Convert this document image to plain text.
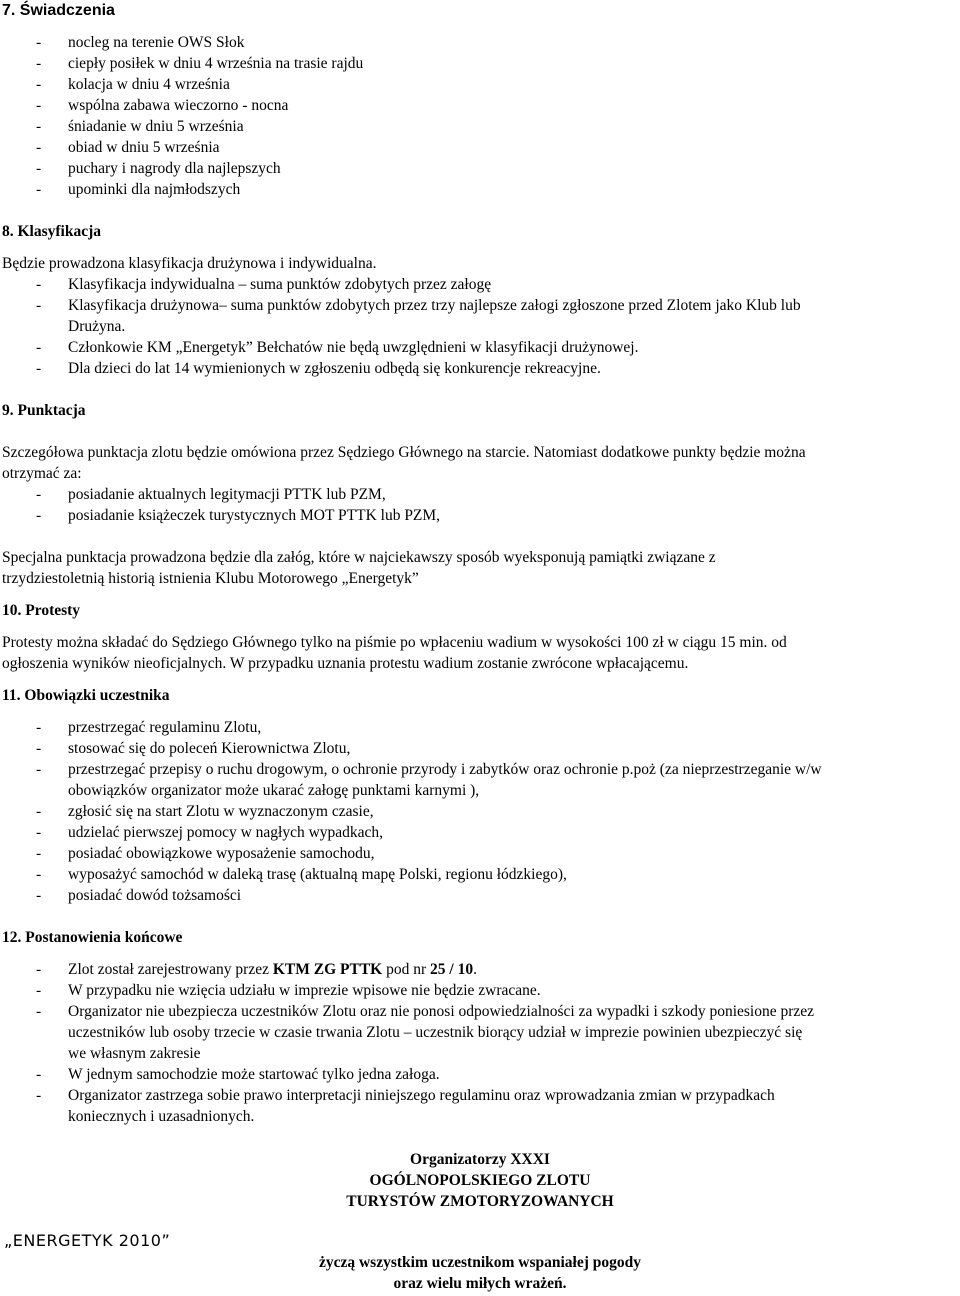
7. Świadczenia
- nocleg na terenie OWS Słok
- ciepły posiłek w dniu 4 września na trasie rajdu
- kolacja w dniu 4 września
- wspólna zabawa wieczorno - nocna
- śniadanie w dniu 5 września
- obiad w dniu 5 września
- puchary i nagrody dla najlepszych
- upominki dla najmłodszych
8. Klasyfikacja
Będzie prowadzona klasyfikacja drużynowa i indywidualna.
- Klasyfikacja indywidualna – suma punktów zdobytych przez załogę
- Klasyfikacja drużynowa– suma punktów zdobytych przez trzy najlepsze załogi zgłoszone przed Zlotem jako Klub lub
Drużyna.
- Członkowie KM „Energetyk” Bełchatów nie będą uwzględnieni w klasyfikacji drużynowej.
- Dla dzieci do lat 14 wymienionych w zgłoszeniu odbędą się konkurencje rekreacyjne.
9. Punktacja
Szczegółowa punktacja zlotu będzie omówiona przez Sędziego Głównego na starcie. Natomiast dodatkowe punkty będzie można
otrzymać za:
- posiadanie aktualnych legitymacji PTTK lub PZM,
- posiadanie książeczek turystycznych MOT PTTK lub PZM,
Specjalna punktacja prowadzona będzie dla załóg, które w najciekawszy sposób wyeksponują pamiątki związane z
trzydziestoletnią historią istnienia Klubu Motorowego „Energetyk”
10. Protesty
Protesty można składać do Sędziego Głównego tylko na piśmie po wpłaceniu wadium w wysokości 100 zł w ciągu 15 min. od
ogłoszenia wyników nieoficjalnych. W przypadku uznania protestu wadium zostanie zwrócone wpłacającemu.
11. Obowiązki uczestnika
- przestrzegać regulaminu Zlotu,
- stosować się do poleceń Kierownictwa Zlotu,
- przestrzegać przepisy o ruchu drogowym, o ochronie przyrody i zabytków oraz ochronie p.poż (za nieprzestrzeganie w/w
obowiązków organizator może ukarać załogę punktami karnymi ),
- zgłosić się na start Zlotu w wyznaczonym czasie,
- udzielać pierwszej pomocy w nagłych wypadkach,
- posiadać obowiązkowe wyposażenie samochodu,
- wyposażyć samochód w daleką trasę (aktualną mapę Polski, regionu łódzkiego),
- posiadać dowód tożsamości
12. Postanowienia końcowe
- Zlot został zarejestrowany przez KTM ZG PTTK pod nr 25 / 10.
- W przypadku nie wzięcia udziału w imprezie wpisowe nie będzie zwracane.
- Organizator nie ubezpiecza uczestników Zlotu oraz nie ponosi odpowiedzialności za wypadki i szkody poniesione przez
uczestników lub osoby trzecie w czasie trwania Zlotu – uczestnik biorący udział w imprezie powinien ubezpieczyć się
we własnym zakresie
- W jednym samochodzie może startować tylko jedna załoga.
- Organizator zastrzega sobie prawo interpretacji niniejszego regulaminu oraz wprowadzania zmian w przypadkach
koniecznych i uzasadnionych.
Organizatorzy XXXI
OGÓLNOPOLSKIEGO ZLOTU
TURYSTÓW ZMOTORYZOWANYCH
„ENERGETYK 2010”
życzą wszystkim uczestnikom wspaniałej pogody
oraz wielu miłych wrażeń.
